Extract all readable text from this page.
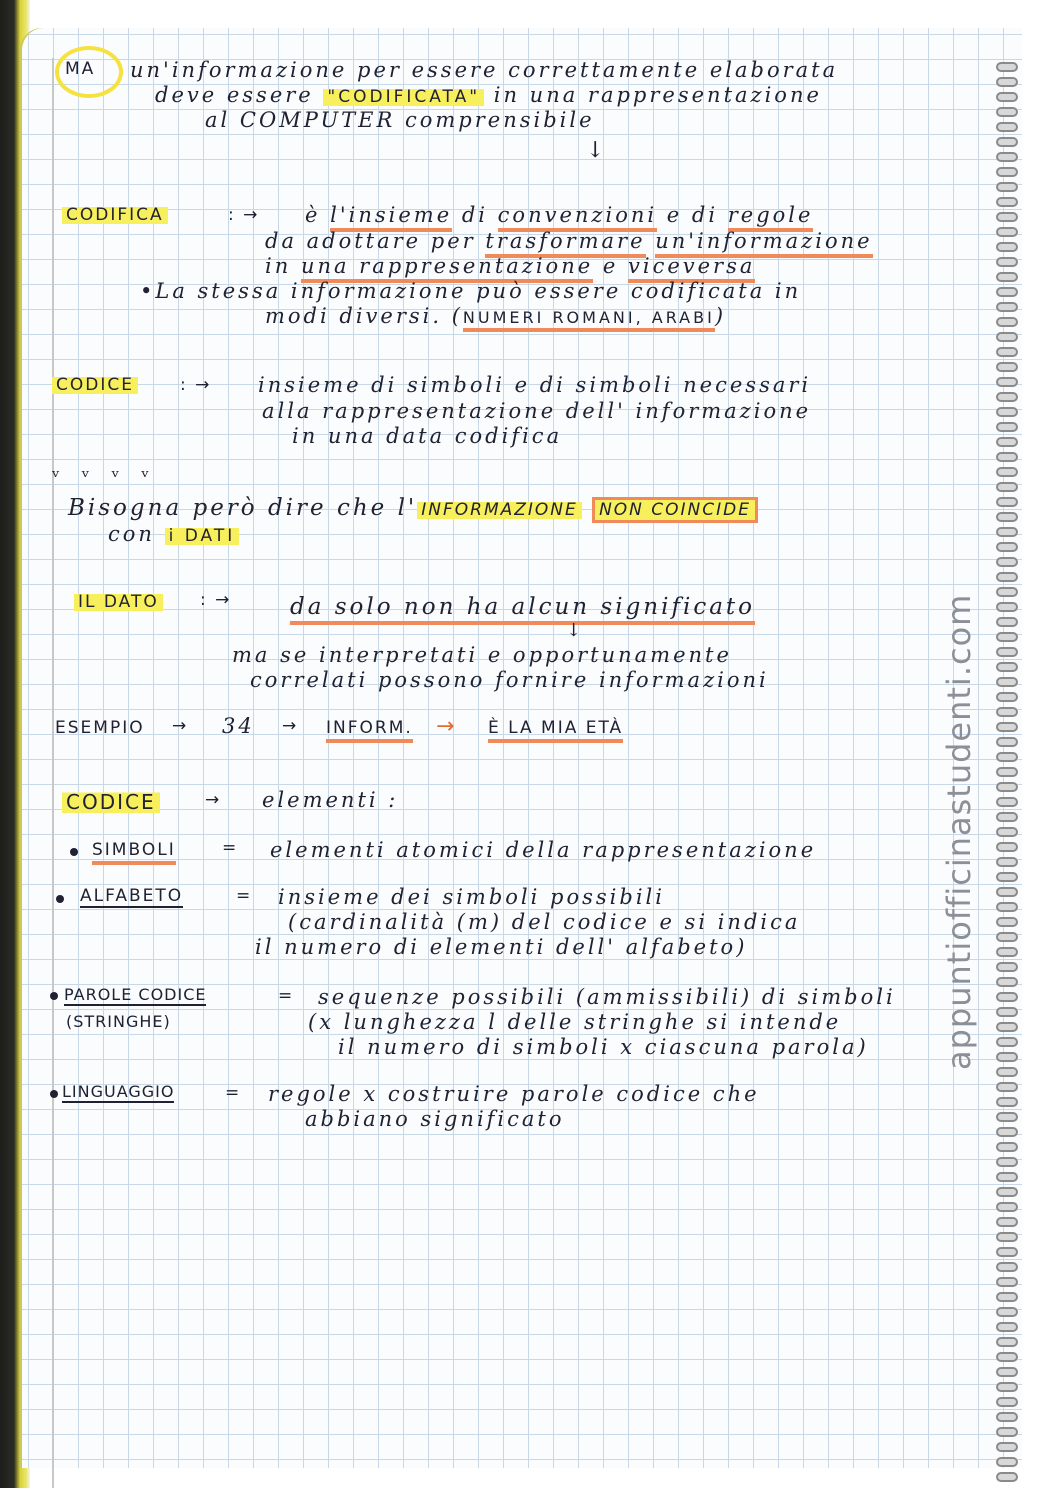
MA un'informazione per essere correttamente elaborata
deve essere "CODIFICATA" in una rappresentazione
al COMPUTER comprensibile
↓
CODIFICA	: → è l'insieme di convenzioni e di regole
da adottare per trasformare un'informazione
in una rappresentazione e viceversa
•La stessa informazione può essere codificata in
modi diversi. (NUMERI ROMANI, ARABI)
CODICE	: → insieme di simboli e di simboli necessari
alla rappresentazione dell' informazione
in una data codifica
ᵥ ᵥ ᵥ ᵥ
Bisogna però dire che l' INFORMAZIONE NON COINCIDE
con i DATI
IL DATO : →	da solo non ha alcun significato
↓
ma se interpretati e opportunamente
correlati possono fornire informazioni
ESEMPIO → 34 → INFORM. → È LA MIA ETÀ
CODICE	→ elementi :
SIMBOLI	= elementi atomici della rappresentazione
ALFABETO	= insieme dei simboli possibili
(cardinalità (m) del codice e si indica
il numero di elementi dell' alfabeto)
PAROLE CODICE
(STRINGHE)
= sequenze possibili (ammissibili) di simboli
(x lunghezza l delle stringhe si intende
il numero di simboli x ciascuna parola)
LINGUAGGIO	= regole x costruire parole codice che
abbiano significato
appuntiofficinastudenti.com
